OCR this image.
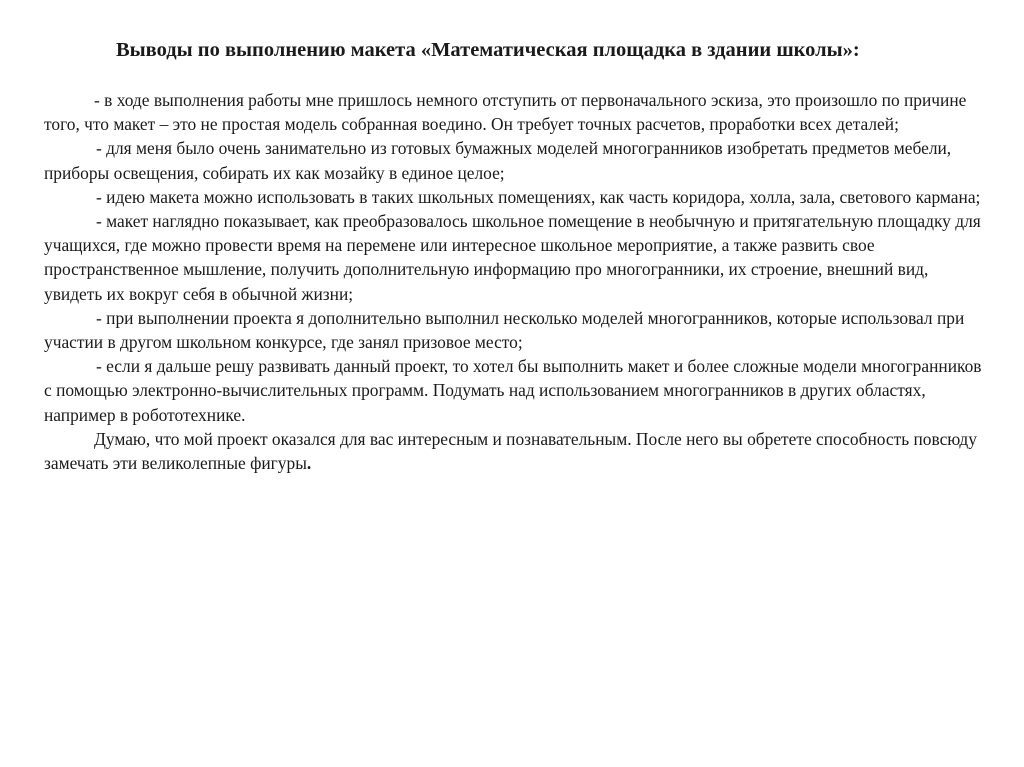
Выводы по выполнению макета «Математическая площадка в здании школы»:

- в ходе выполнения работы мне пришлось немного отступить от первоначального эскиза, это произошло по причине того, что макет – это не простая модель собранная воедино. Он требует точных расчетов, проработки всех деталей;

- для меня было очень занимательно из готовых бумажных моделей многогранников изобретать предметов мебели, приборы освещения, собирать их как мозайку в единое целое;

- идею макета можно использовать в таких школьных помещениях, как часть коридора, холла, зала, светового кармана;

- макет наглядно показывает, как преобразовалось школьное помещение в необычную и притягательную площадку для учащихся, где можно провести время на перемене или интересное школьное мероприятие, а также развить свое пространственное мышление, получить дополнительную информацию про многогранники, их строение, внешний вид, увидеть их вокруг себя в обычной жизни;

- при выполнении проекта я дополнительно выполнил несколько моделей многогранников, которые использовал при участии в другом школьном конкурсе, где занял призовое место;

- если я дальше решу развивать данный проект, то хотел бы выполнить макет и более сложные модели многогранников с помощью электронно-вычислительных программ. Подумать над использованием многогранников в других областях, например в робототехнике.

Думаю, что мой проект оказался для вас интересным и познавательным. После него вы обретете способность повсюду замечать эти великолепные фигуры.
